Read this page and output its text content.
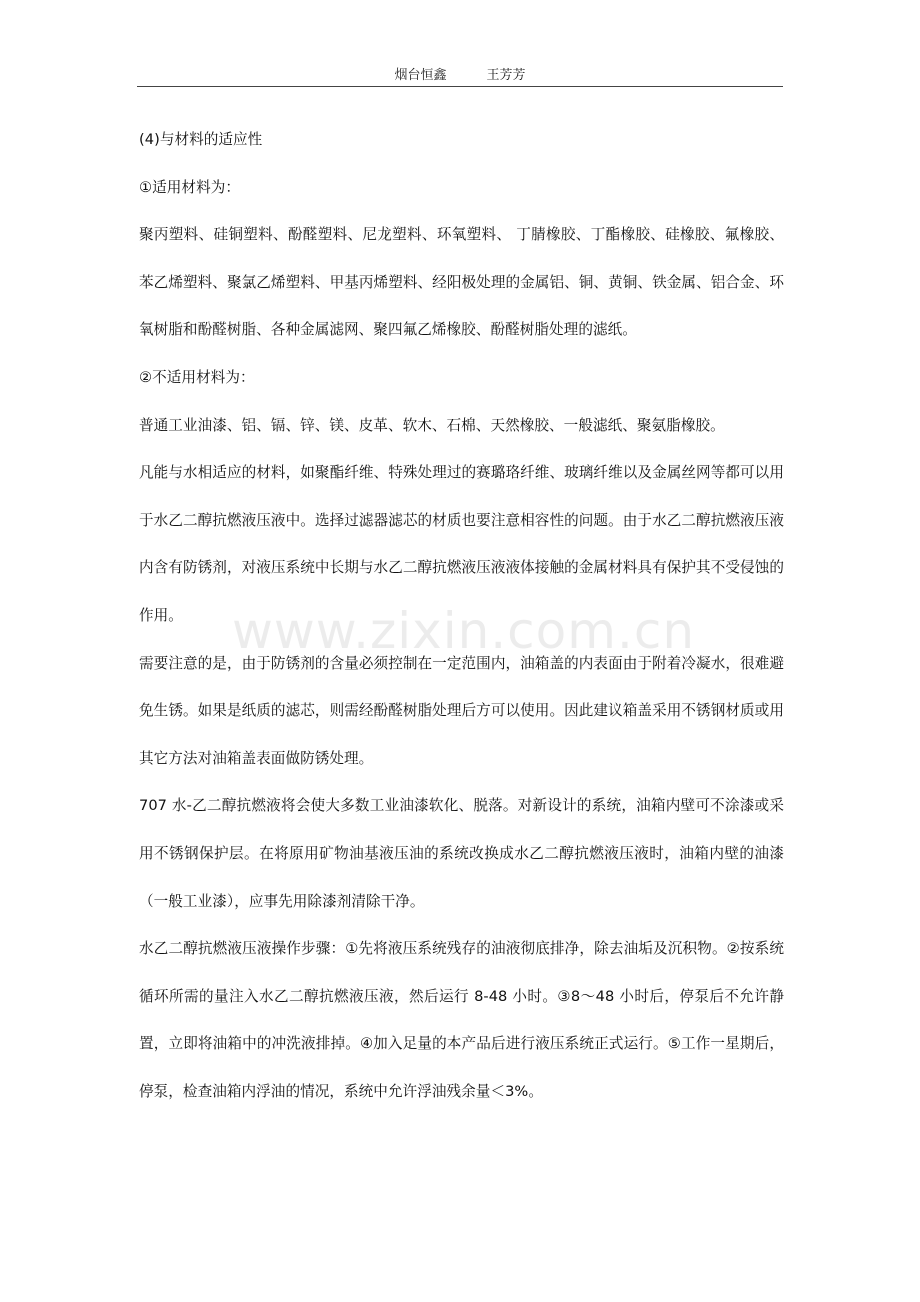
烟台恒鑫	王芳芳
www.zixin.com.cn

(4)与材料的适应性

①适用材料为：

聚丙塑料、硅铜塑料、酚醛塑料、尼龙塑料、环氧塑料、 丁腈橡胶、丁酯橡胶、硅橡胶、氟橡胶、苯乙烯塑料、聚氯乙烯塑料、甲基丙烯塑料、经阳极处理的金属铝、铜、黄铜、铁金属、铝合金、环氧树脂和酚醛树脂、各种金属滤网、聚四氟乙烯橡胶、酚醛树脂处理的滤纸。

②不适用材料为：

普通工业油漆、铝、镉、锌、镁、皮革、软木、石棉、天然橡胶、一般滤纸、聚氨脂橡胶。

凡能与水相适应的材料，如聚酯纤维、特殊处理过的赛璐珞纤维、玻璃纤维以及金属丝网等都可以用于水乙二醇抗燃液压液中。选择过滤器滤芯的材质也要注意相容性的问题。由于水乙二醇抗燃液压液内含有防锈剂，对液压系统中长期与水乙二醇抗燃液压液液体接触的金属材料具有保护其不受侵蚀的作用。

需要注意的是，由于防锈剂的含量必须控制在一定范围内，油箱盖的内表面由于附着冷凝水，很难避免生锈。如果是纸质的滤芯，则需经酚醛树脂处理后方可以使用。因此建议箱盖采用不锈钢材质或用其它方法对油箱盖表面做防锈处理。

707 水-乙二醇抗燃液将会使大多数工业油漆软化、脱落。对新设计的系统，油箱内壁可不涂漆或采用不锈钢保护层。在将原用矿物油基液压油的系统改换成水乙二醇抗燃液压液时，油箱内壁的油漆（一般工业漆），应事先用除漆剂清除干净。

水乙二醇抗燃液压液操作步骤：①先将液压系统残存的油液彻底排净，除去油垢及沉积物。②按系统循环所需的量注入水乙二醇抗燃液压液，然后运行 8-48 小时。③8～48 小时后，停泵后不允许静置，立即将油箱中的冲洗液排掉。④加入足量的本产品后进行液压系统正式运行。⑤工作一星期后，停泵，检查油箱内浮油的情况，系统中允许浮油残余量＜3%。
